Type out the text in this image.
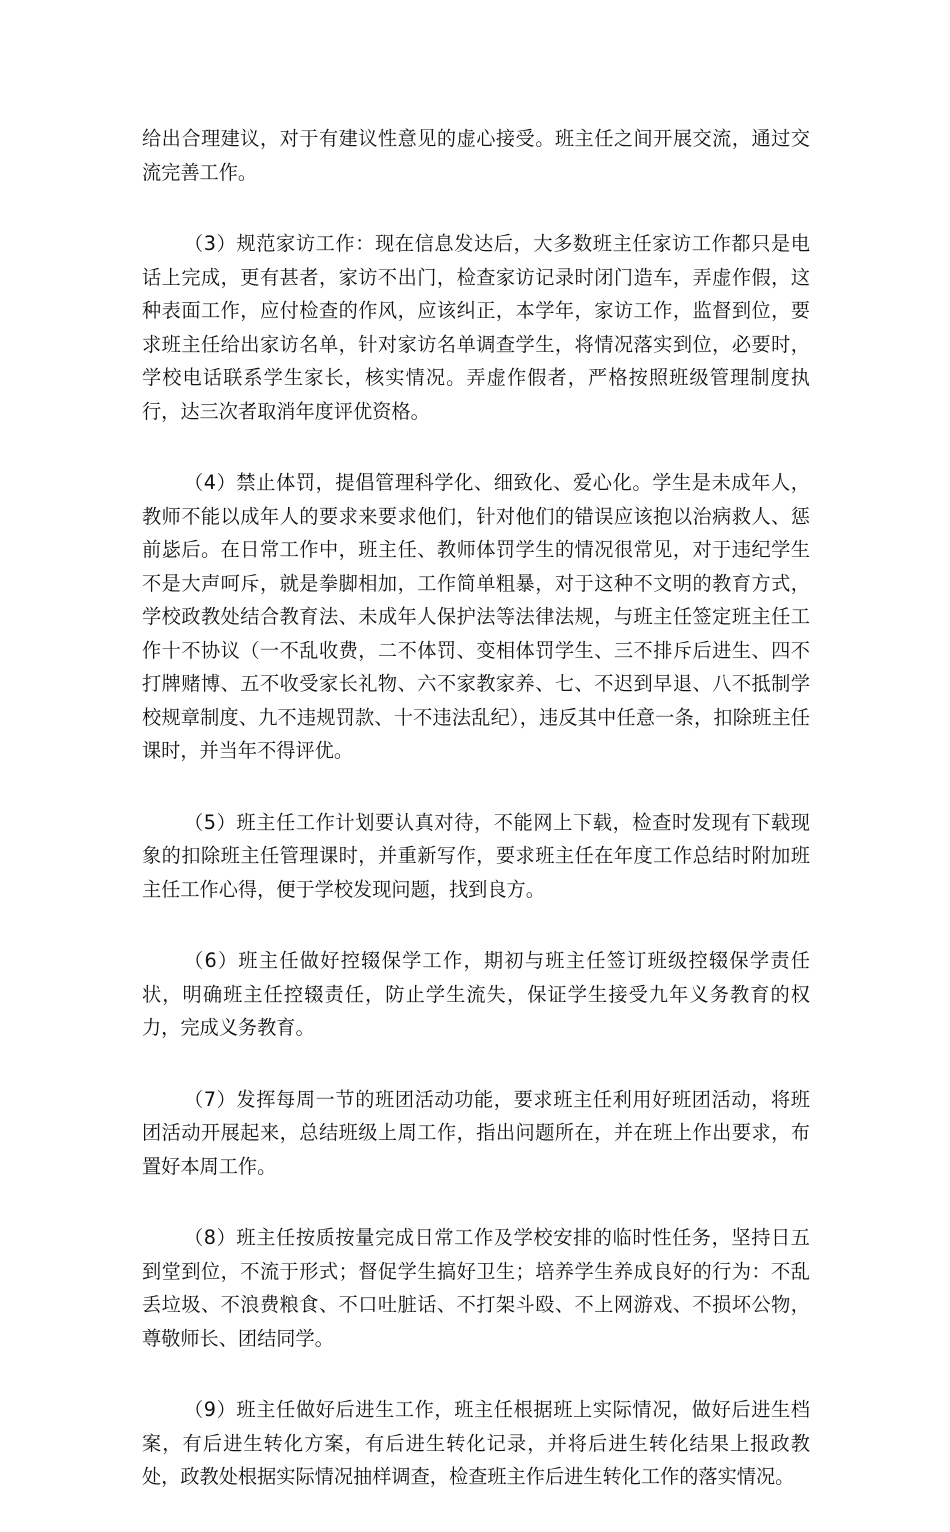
给出合理建议，对于有建议性意见的虚心接受。班主任之间开展交流，通过交流完善工作。

（3）规范家访工作：现在信息发达后，大多数班主任家访工作都只是电话上完成，更有甚者，家访不出门，检查家访记录时闭门造车，弄虚作假，这种表面工作，应付检查的作风，应该纠正，本学年，家访工作，监督到位，要求班主任给出家访名单，针对家访名单调查学生，将情况落实到位，必要时，学校电话联系学生家长，核实情况。弄虚作假者，严格按照班级管理制度执行，达三次者取消年度评优资格。

（4）禁止体罚，提倡管理科学化、细致化、爱心化。学生是未成年人，教师不能以成年人的要求来要求他们，针对他们的错误应该抱以治病救人、惩前毖后。在日常工作中，班主任、教师体罚学生的情况很常见，对于违纪学生不是大声呵斥，就是拳脚相加，工作简单粗暴，对于这种不文明的教育方式，学校政教处结合教育法、未成年人保护法等法律法规，与班主任签定班主任工作十不协议（一不乱收费，二不体罚、变相体罚学生、三不排斥后进生、四不打牌赌博、五不收受家长礼物、六不家教家养、七、不迟到早退、八不抵制学校规章制度、九不违规罚款、十不违法乱纪），违反其中任意一条，扣除班主任课时，并当年不得评优。

（5）班主任工作计划要认真对待，不能网上下载，检查时发现有下载现象的扣除班主任管理课时，并重新写作，要求班主任在年度工作总结时附加班主任工作心得，便于学校发现问题，找到良方。

（6）班主任做好控辍保学工作，期初与班主任签订班级控辍保学责任状，明确班主任控辍责任，防止学生流失，保证学生接受九年义务教育的权力，完成义务教育。

（7）发挥每周一节的班团活动功能，要求班主任利用好班团活动，将班团活动开展起来，总结班级上周工作，指出问题所在，并在班上作出要求，布置好本周工作。

（8）班主任按质按量完成日常工作及学校安排的临时性任务，坚持日五到堂到位，不流于形式；督促学生搞好卫生；培养学生养成良好的行为：不乱丢垃圾、不浪费粮食、不口吐脏话、不打架斗殴、不上网游戏、不损坏公物，尊敬师长、团结同学。

（9）班主任做好后进生工作，班主任根据班上实际情况，做好后进生档案，有后进生转化方案，有后进生转化记录，并将后进生转化结果上报政教处，政教处根据实际情况抽样调查，检查班主作后进生转化工作的落实情况。
